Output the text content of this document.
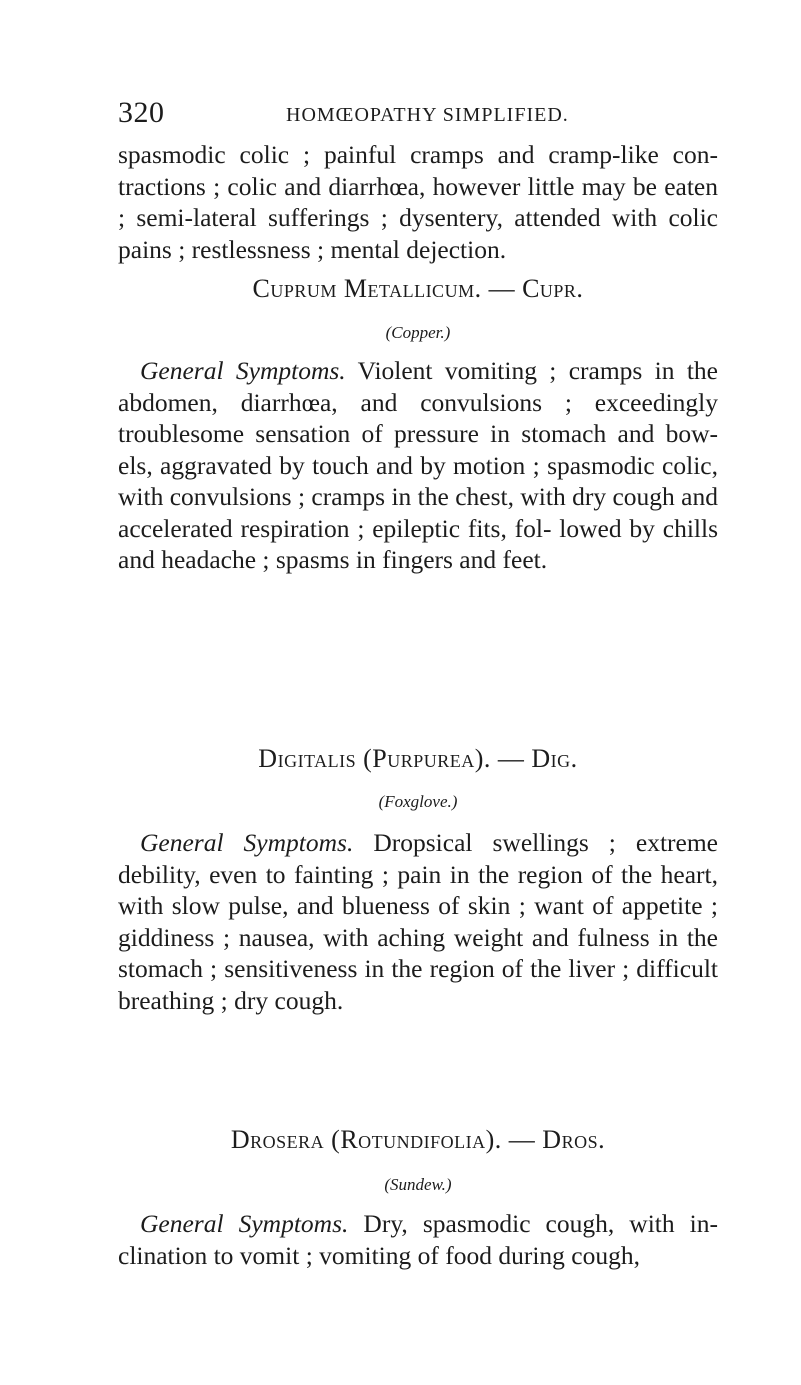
320	HOMŒOPATHY SIMPLIFIED.

spasmodic colic ; painful cramps and cramp-like con- tractions ; colic and diarrhœa, however little may be eaten ; semi-lateral sufferings ; dysentery, attended with colic pains ; restlessness ; mental dejection.

Cuprum Metallicum. — Cupr.
(Copper.)

General Symptoms. Violent vomiting ; cramps in the abdomen, diarrhœa, and convulsions ; exceedingly troublesome sensation of pressure in stomach and bow- els, aggravated by touch and by motion ; spasmodic colic, with convulsions ; cramps in the chest, with dry cough and accelerated respiration ; epileptic fits, fol- lowed by chills and headache ; spasms in fingers and feet.

Digitalis (Purpurea). — Dig.
(Foxglove.)

General Symptoms. Dropsical swellings ; extreme debility, even to fainting ; pain in the region of the heart, with slow pulse, and blueness of skin ; want of appetite ; giddiness ; nausea, with aching weight and fulness in the stomach ; sensitiveness in the region of the liver ; difficult breathing ; dry cough.

Drosera (Rotundifolia). — Dros.
(Sundew.)

General Symptoms. Dry, spasmodic cough, with in- clination to vomit ; vomiting of food during cough,
